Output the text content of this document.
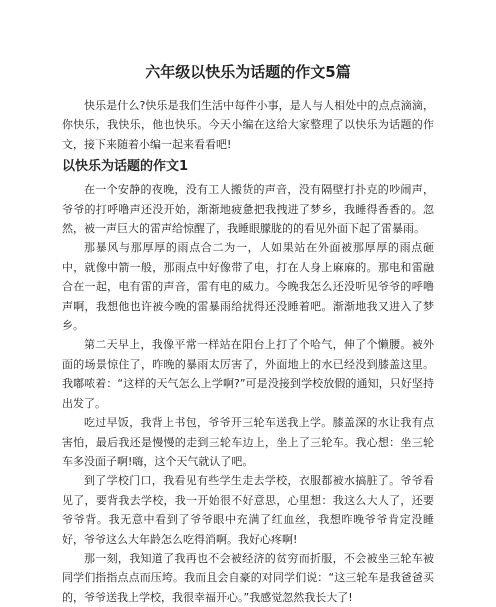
六年级以快乐为话题的作文5篇

快乐是什么?快乐是我们生活中每件小事，是人与人相处中的点点滴滴，你快乐，我快乐，他也快乐。今天小编在这给大家整理了以快乐为话题的作文，接下来随着小编一起来看看吧!

以快乐为话题的作文1

在一个安静的夜晚，没有工人搬货的声音，没有隔壁打扑克的吵闹声，爷爷的打呼噜声还没开始，渐渐地疲惫把我拽进了梦乡，我睡得香香的。忽然，被一声巨大的雷声给惊醒了，我睡眼朦胧的的看见外面下起了雷暴雨。

那暴风与那厚厚的雨点合二为一，人如果站在外面被那厚厚的雨点砸中，就像中箭一般，那雨点中好像带了电，打在人身上麻麻的。那电和雷融合在一起，电有雷的声音，雷有电的威力。今晚我怎么还没听见爷爷的呼噜声啊，我想他也许被今晚的雷暴雨给扰得还没睡着吧。渐渐地我又进入了梦乡。

第二天早上，我像平常一样站在阳台上打了个哈气，伸了个懒腰。被外面的场景惊住了，昨晚的暴雨太厉害了，外面地上的水已经没到膝盖这里。我嘟哝着：“这样的天气怎么上学啊?”可是没接到学校放假的通知，只好坚持出发了。

吃过早饭，我背上书包，爷爷开三轮车送我上学。膝盖深的水让我有点害怕，最后我还是慢慢的走到三轮车边上，坐上了三轮车。我心想：坐三轮车多没面子啊!嗨，这个天气就认了吧。

到了学校门口，我看见有些学生走去学校，衣服都被水搞脏了。爷爷看见了，要背我去学校，我一开始很不好意思，心里想：我这么大人了，还要爷爷背。我无意中看到了爷爷眼中充满了红血丝，我想昨晚爷爷肯定没睡好，爷爷这么大年龄怎么吃得消啊。我好心疼啊!

那一刻，我知道了我再也不会被经济的贫穷而折服，不会被坐三轮车被同学们指指点点而压垮。我而且会自豪的对同学们说：“这三轮车是我爸爸买的，爷爷送我上学校，我很幸福开心。”我感觉忽然我长大了!
